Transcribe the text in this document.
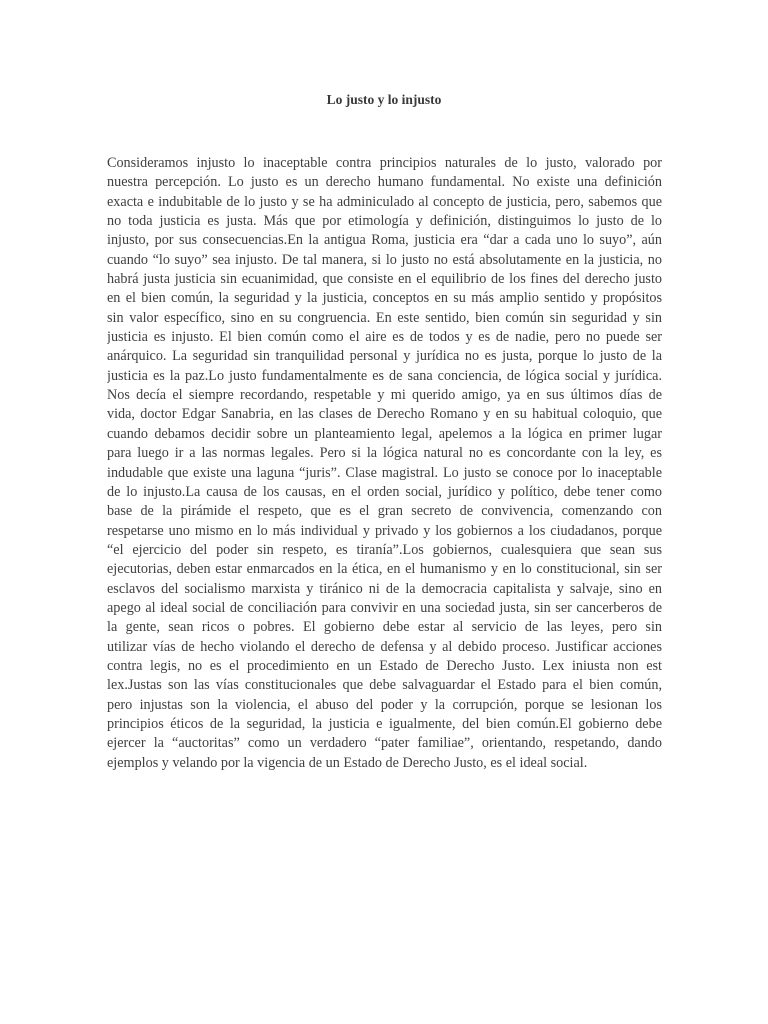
Lo justo y lo injusto
Consideramos injusto lo inaceptable contra principios naturales de lo justo, valorado por
nuestra percepción. Lo justo es un derecho humano fundamental. No existe una definición
exacta e indubitable de lo justo y se ha adminiculado al concepto de justicia, pero, sabemos que
no toda justicia es justa. Más que por etimología y definición, distinguimos lo justo de lo
injusto, por sus consecuencias.En la antigua Roma, justicia era “dar a cada uno lo suyo”, aún
cuando “lo suyo” sea injusto. De tal manera, si lo justo no está absolutamente en la justicia, no
habrá justa justicia sin ecuanimidad, que consiste en el equilibrio de los fines del derecho justo
en el bien común, la seguridad y la justicia, conceptos en su más amplio sentido y propósitos
sin valor específico, sino en su congruencia. En este sentido, bien común sin seguridad y sin
justicia es injusto. El bien común como el aire es de todos y es de nadie, pero no puede ser
anárquico. La seguridad sin tranquilidad personal y jurídica no es justa, porque lo justo de la
justicia es la paz.Lo justo fundamentalmente es de sana conciencia, de lógica social y jurídica.
Nos decía el siempre recordando, respetable y mi querido amigo, ya en sus últimos días de
vida, doctor Edgar Sanabria, en las clases de Derecho Romano y en su habitual coloquio, que
cuando debamos decidir sobre un planteamiento legal, apelemos a la lógica en primer lugar
para luego ir a las normas legales. Pero si la lógica natural no es concordante con la ley, es
indudable que existe una laguna “juris”. Clase magistral. Lo justo se conoce por lo inaceptable
de lo injusto.La causa de los causas, en el orden social, jurídico y político, debe tener como
base de la pirámide el respeto, que es el gran secreto de convivencia, comenzando con
respetarse uno mismo en lo más individual y privado y los gobiernos a los ciudadanos, porque
“el ejercicio del poder sin respeto, es tiranía”.Los gobiernos, cualesquiera que sean sus
ejecutorias, deben estar enmarcados en la ética, en el humanismo y en lo constitucional, sin ser
esclavos del socialismo marxista y tiránico ni de la democracia capitalista y salvaje, sino en
apego al ideal social de conciliación para convivir en una sociedad justa, sin ser cancerberos de
la gente, sean ricos o pobres. El gobierno debe estar al servicio de las leyes, pero sin
utilizar vías de hecho violando el derecho de defensa y al debido proceso. Justificar acciones
contra legis, no es el procedimiento en un Estado de Derecho Justo. Lex iniusta non est
lex.Justas son las vías constitucionales que debe salvaguardar el Estado para el bien común,
pero injustas son la violencia, el abuso del poder y la corrupción, porque se lesionan los
principios éticos de la seguridad, la justicia e igualmente, del bien común.El gobierno debe
ejercer la “auctoritas” como un verdadero “pater familiae”, orientando, respetando, dando
ejemplos y velando por la vigencia de un Estado de Derecho Justo, es el ideal social.
